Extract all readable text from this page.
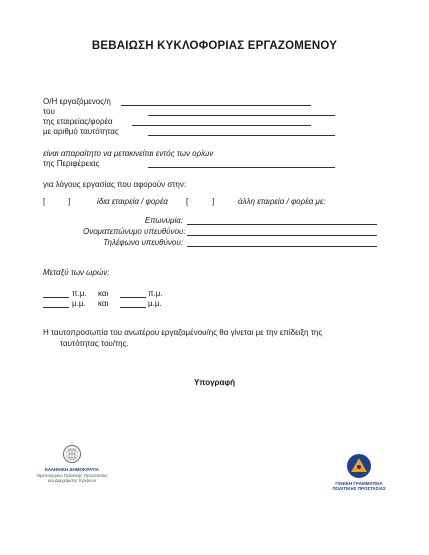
ΒΕΒΑΙΩΣΗ ΚΥΚΛΟΦΟΡΙΑΣ ΕΡΓΑΖΟΜΕΝΟΥ
Ο/Η εργαζόμενος/η
του
της εταιρείας/φορέα
με αριθμό ταυτότητας
είναι απαραίτητο να μετακινείται εντός των ορίων
της Περιφέρειας
για λόγους εργασίας που αφορούν στην:
[	]	ίδια εταιρεία / φορέα [	]	άλλη εταιρεία / φορέα με:
Επωνυμία:
Ονοματεπώνυμο υπευθύνου:
Τηλέφωνο υπευθύνου:
Μεταξύ των ωρών:
π.μ. και	π.μ.
μ.μ. και	μ.μ.
Η ταυτοπροσωπία του ανωτέρου εργαζομένου/ης θα γίνεται με την επίδειξη της
ταυτότητας του/της.
Υπογραφή
ΕΛΛΗΝΙΚΗ ΔΗΜΟΚΡΑΤΙΑ
Υφυπουργείο Πολιτικής Προστασίας
και Διαχείρισης Κρίσεων
ΓΕΝΙΚΗ ΓΡΑΜΜΑΤΕΙΑ
ΠΟΛΙΤΙΚΗΣ ΠΡΟΣΤΑΣΙΑΣ
